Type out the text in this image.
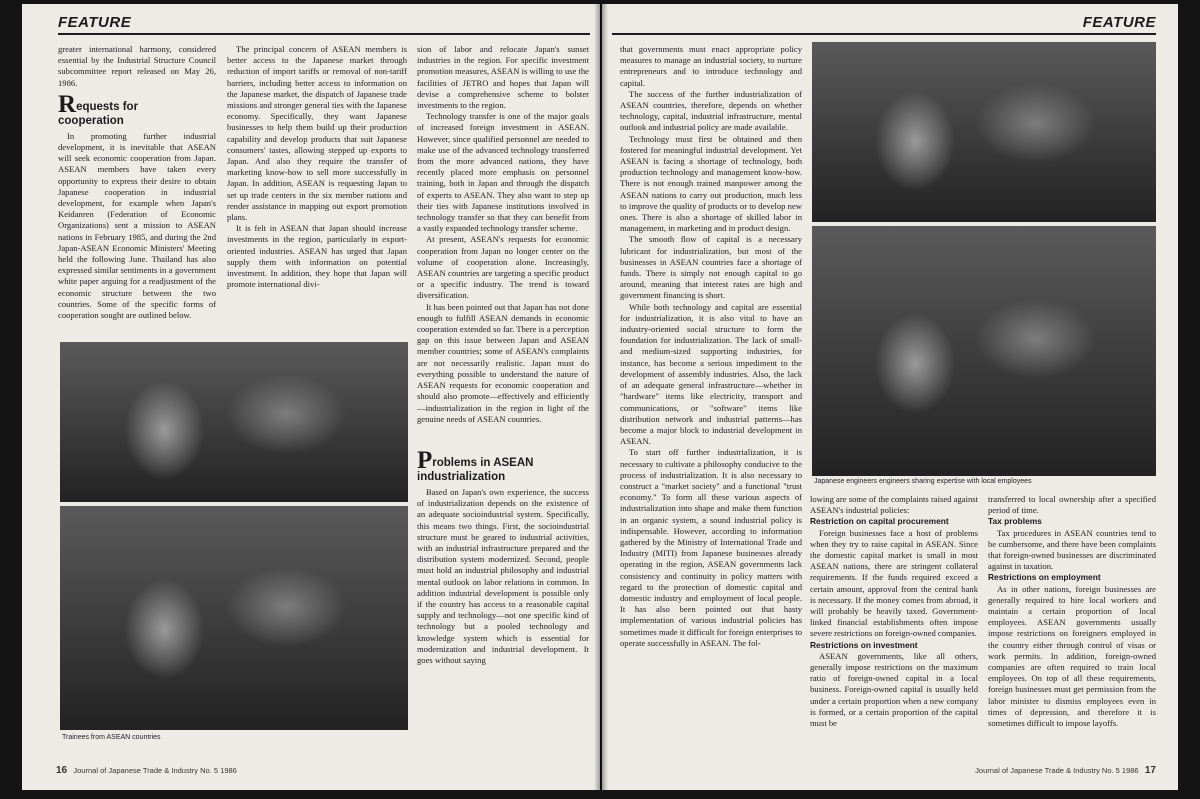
FEATURE

greater international harmony, considered essential by the Industrial Structure Council subcommittee report released on May 26, 1986.

Requests for
cooperation

In promoting further industrial development, it is inevitable that ASEAN will seek economic cooperation from Japan. ASEAN members have taken every opportunity to express their desire to obtain Japanese cooperation in industrial development, for example when Japan's Keidanren (Federation of Economic Organizations) sent a mission to ASEAN nations in February 1985, and during the 2nd Japan-ASEAN Economic Ministers' Meeting held the following June. Thailand has also expressed similar sentiments in a government white paper arguing for a readjustment of the economic structure between the two countries. Some of the specific forms of cooperation sought are outlined below.

The principal concern of ASEAN members is better access to the Japanese market through reduction of import tariffs or removal of non-tariff barriers, including better access to information on the Japanese market, the dispatch of Japanese trade missions and stronger general ties with the Japanese economy. Specifically, they want Japanese businesses to help them build up their production capability and develop products that suit Japanese consumers' tastes, allowing stepped up exports to Japan. And also they require the transfer of marketing know-how to sell more successfully in Japan. In addition, ASEAN is requesting Japan to set up trade centers in the six member nations and render assistance in mapping out export promotion plans.

It is felt in ASEAN that Japan should increase investments in the region, particularly in export-oriented industries. ASEAN has urged that Japan supply them with information on potential investment. In addition, they hope that Japan will promote international divi-

sion of labor and relocate Japan's sunset industries in the region. For specific investment promotion measures, ASEAN is willing to use the facilities of JETRO and hopes that Japan will devise a comprehensive scheme to bolster investments to the region.

Technology transfer is one of the major goals of increased foreign investment in ASEAN. However, since qualified personnel are needed to make use of the advanced technology transferred from the more advanced nations, they have recently placed more emphasis on personnel training, both in Japan and through the dispatch of experts to ASEAN. They also want to step up their ties with Japanese institutions involved in technology transfer so that they can benefit from a vastly expanded technology transfer scheme.

At present, ASEAN's requests for economic cooperation from Japan no longer center on the volume of cooperation alone. Increasingly, ASEAN countries are targeting a specific product or a specific industry. The trend is toward diversification.

It has been pointed out that Japan has not done enough to fulfill ASEAN demands in economic cooperation extended so far. There is a perception gap on this issue between Japan and ASEAN member countries; some of ASEAN's complaints are not necessarily realistic. Japan must do everything possible to understand the nature of ASEAN requests for economic cooperation and should also promote—effectively and efficiently—industrialization in the region in light of the genuine needs of ASEAN countries.

Problems in ASEAN
industrialization

Based on Japan's own experience, the success of industrialization depends on the existence of an adequate socioindustrial system. Specifically, this means two things. First, the socioindustrial structure must be geared to industrial activities, with an industrial infrastructure prepared and the distribution system modernized. Second, people must hold an industrial philosophy and industrial mental outlook on labor relations in common. In addition industrial development is possible only if the country has access to a reasonable capital supply and technology—not one specific kind of technology but a pooled technology and knowledge system which is essential for modernization and industrial development. It goes without saying

Trainees from ASEAN countries
16 Journal of Japanese Trade & Industry No. 5 1986
FEATURE

that governments must enact appropriate policy measures to manage an industrial society, to nurture entrepreneurs and to introduce technology and capital.

The success of the further industrialization of ASEAN countries, therefore, depends on whether technology, capital, industrial infrastructure, mental outlook and industrial policy are made available.

Technology must first be obtained and then fostered for meaningful industrial development. Yet ASEAN is facing a shortage of technology, both production technology and management know-how. There is not enough trained manpower among the ASEAN nations to carry out production, much less to improve the quality of products or to develop new ones. There is also a shortage of skilled labor in management, in marketing and in product design.

The smooth flow of capital is a necessary lubricant for industrialization, but most of the businesses in ASEAN countries face a shortage of funds. There is simply not enough capital to go around, meaning that interest rates are high and government financing is short.

While both technology and capital are essential for industrialization, it is also vital to have an industry-oriented social structure to form the foundation for industrialization. The lack of small- and medium-sized supporting industries, for instance, has become a serious impediment to the development of assembly industries. Also, the lack of an adequate general infrastructure—whether in "hardware" items like electricity, transport and communications, or "software" items like distribution network and industrial patterns—has become a major block to industrial development in ASEAN.

To start off further industrialization, it is necessary to cultivate a philosophy conducive to the process of industrialization. It is also necessary to construct a "market society" and a functional "trust economy." To form all these various aspects of industrialization into shape and make them function in an organic system, a sound industrial policy is indispensable. However, according to information gathered by the Ministry of International Trade and Industry (MITI) from Japanese businesses already operating in the region, ASEAN governments lack consistency and continuity in policy matters with regard to the protection of domestic capital and domestic industry and employment of local people. It has also been pointed out that hasty implementation of various industrial policies has sometimes made it difficult for foreign enterprises to operate successfully in ASEAN. The fol-

Japanese engineers engineers sharing expertise with local employees

lowing are some of the complaints raised against ASEAN's industrial policies:

Restriction on capital procurement

Foreign businesses face a host of problems when they try to raise capital in ASEAN. Since the domestic capital market is small in most ASEAN nations, there are stringent collateral requirements. If the funds required exceed a certain amount, approval from the central bank is necessary. If the money comes from abroad, it will probably be heavily taxed. Government-linked financial establishments often impose severe restrictions on foreign-owned companies.

Restrictions on investment

ASEAN governments, like all others, generally impose restrictions on the maximum ratio of foreign-owned capital in a local business. Foreign-owned capital is usually held under a certain proportion when a new company is formed, or a certain proportion of the capital must be

transferred to local ownership after a specified period of time.

Tax problems

Tax procedures in ASEAN countries tend to be cumbersome, and there have been complaints that foreign-owned businesses are discriminated against in taxation.

Restrictions on employment

As in other nations, foreign businesses are generally required to hire local workers and maintain a certain proportion of local employees. ASEAN governments usually impose restrictions on foreigners employed in the country either through control of visas or work permits. In addition, foreign-owned companies are often required to train local employees. On top of all these requirements, foreign businesses must get permission from the labor minister to dismiss employees even in times of depression, and therefore it is sometimes difficult to impose layoffs.

Journal of Japanese Trade & Industry No. 5 1986 17
